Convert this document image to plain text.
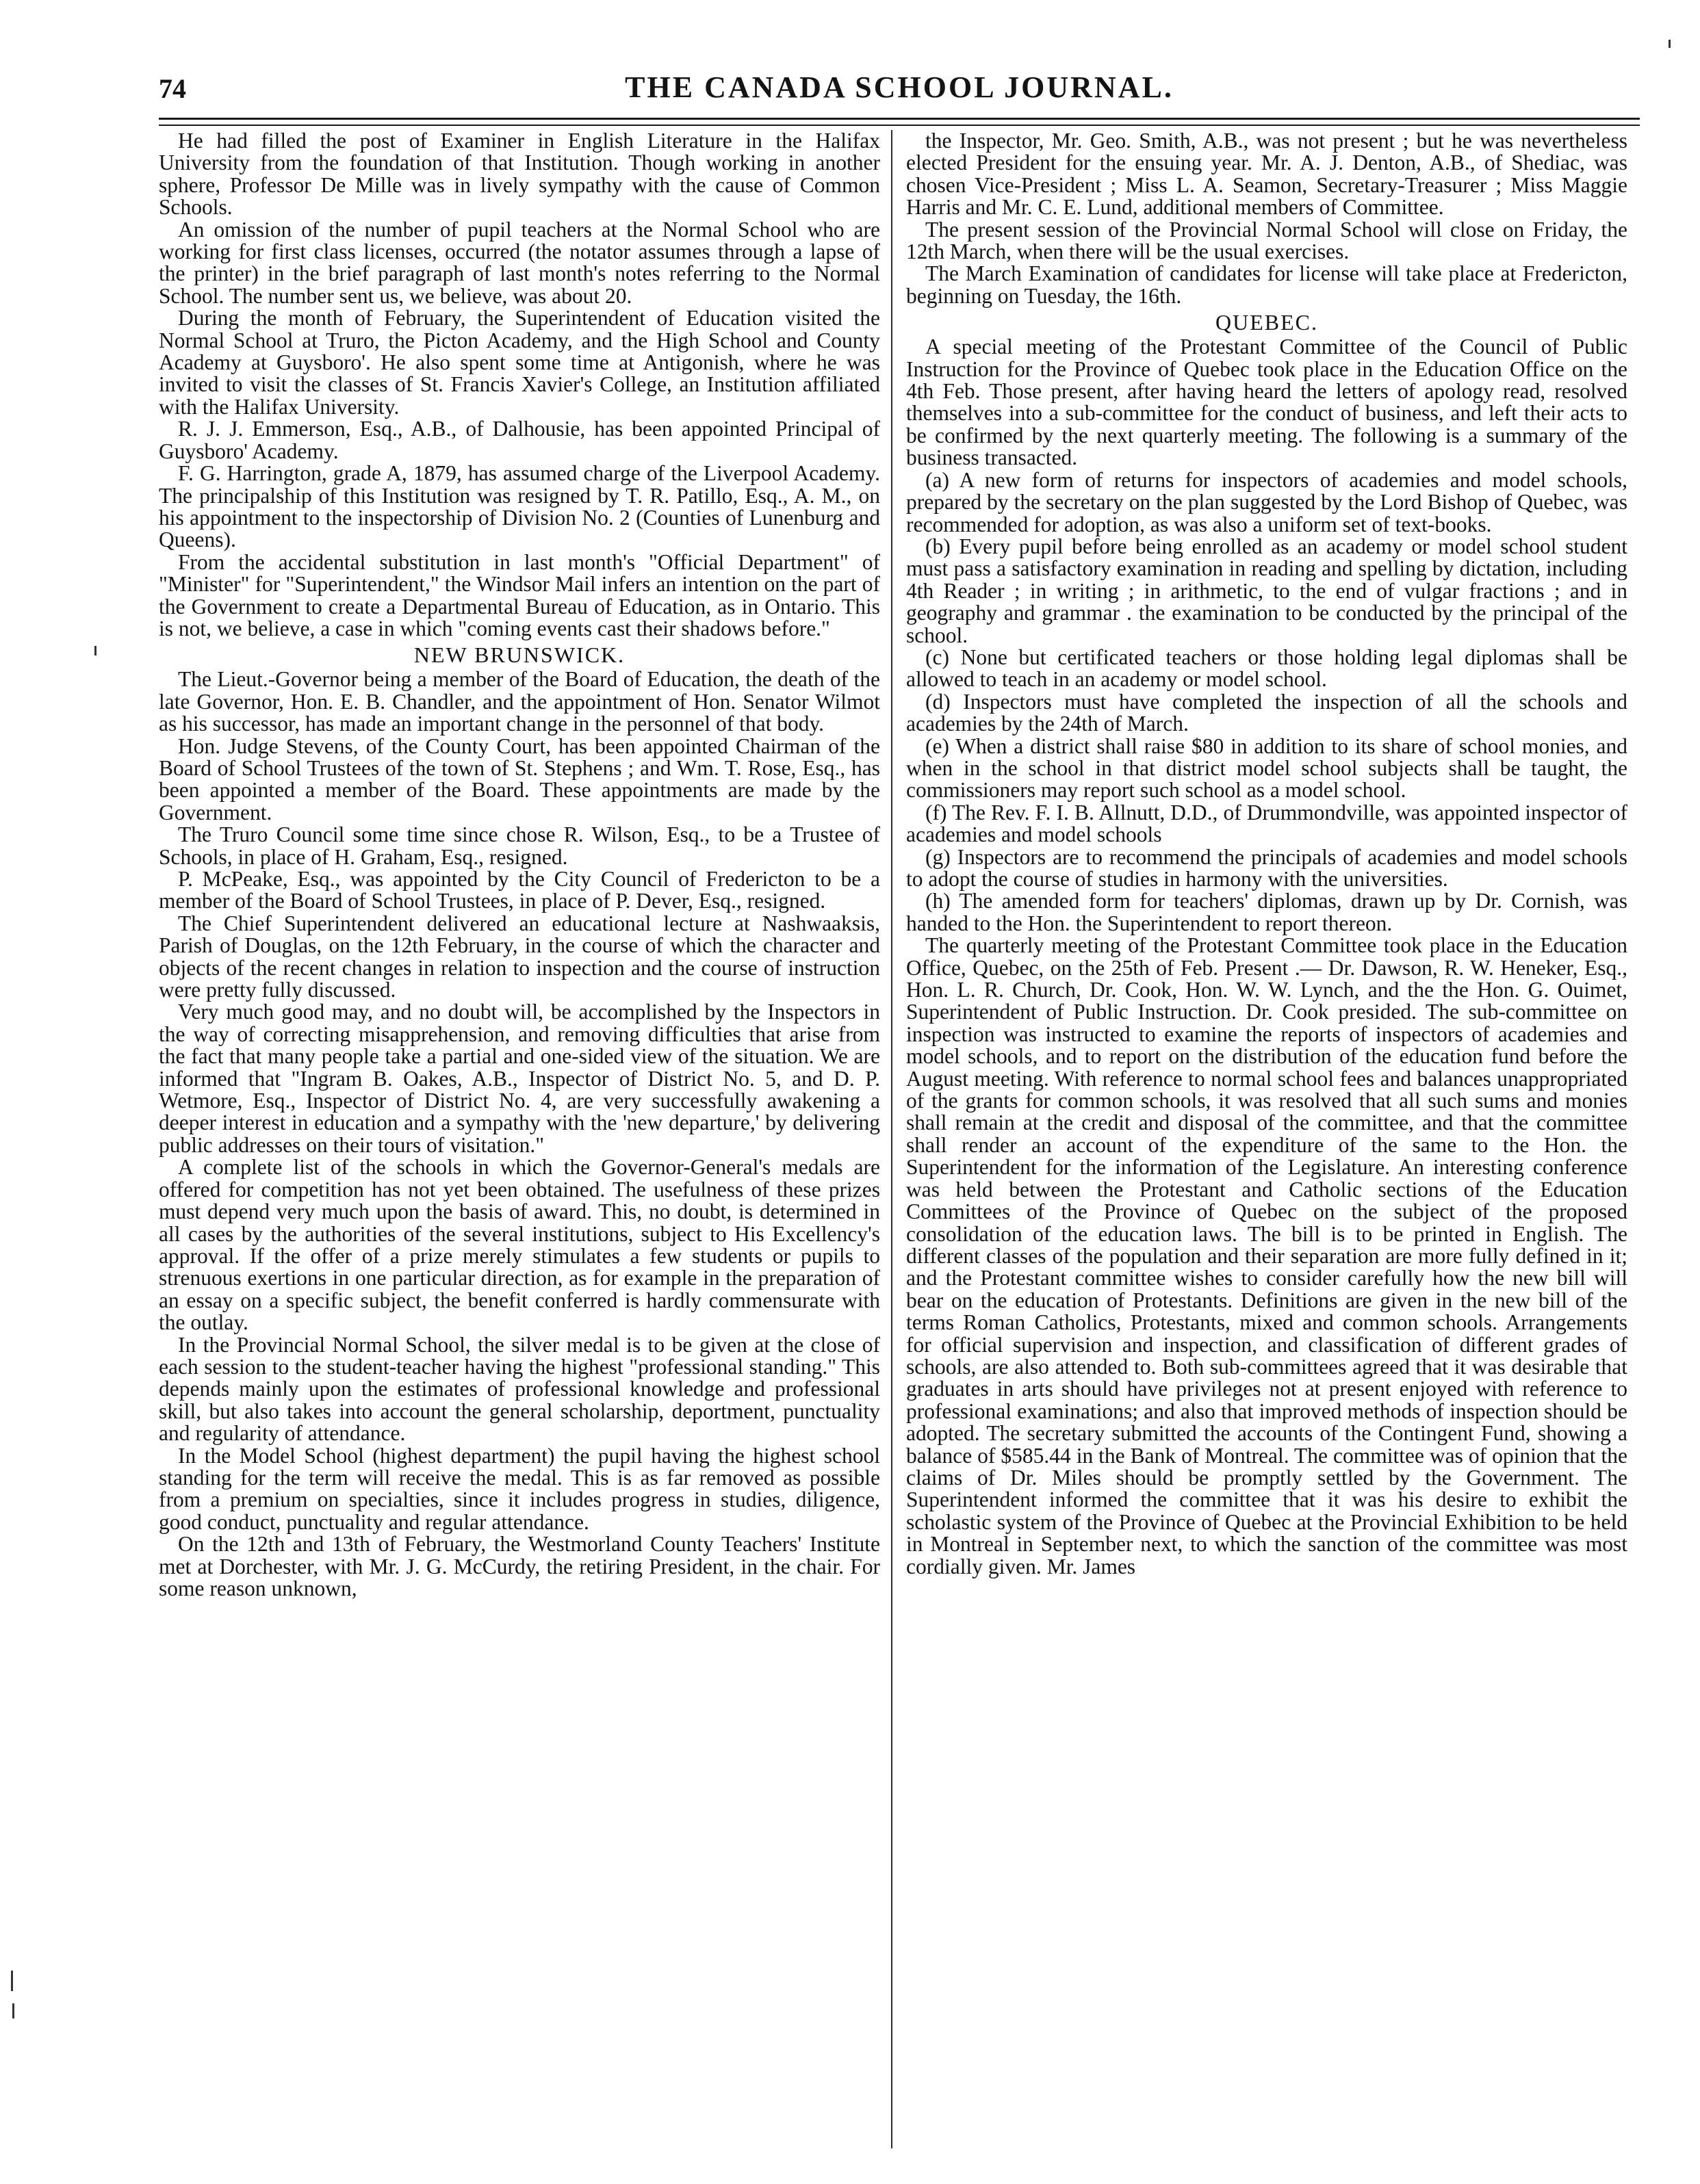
74	THE CANADA SCHOOL JOURNAL.

He had filled the post of Examiner in English Literature in the Halifax University from the foundation of that Institution. Though working in another sphere, Professor De Mille was in lively sympathy with the cause of Common Schools.

An omission of the number of pupil teachers at the Normal School who are working for first class licenses, occurred (the notator assumes through a lapse of the printer) in the brief paragraph of last month's notes referring to the Normal School. The number sent us, we believe, was about 20.

During the month of February, the Superintendent of Education visited the Normal School at Truro, the Picton Academy, and the High School and County Academy at Guysboro'. He also spent some time at Antigonish, where he was invited to visit the classes of St. Francis Xavier's College, an Institution affiliated with the Halifax University.

R. J. J. Emmerson, Esq., A.B., of Dalhousie, has been appointed Principal of Guysboro' Academy.

F. G. Harrington, grade A, 1879, has assumed charge of the Liverpool Academy. The principalship of this Institution was resigned by T. R. Patillo, Esq., A. M., on his appointment to the inspectorship of Division No. 2 (Counties of Lunenburg and Queens).

From the accidental substitution in last month's "Official Department" of "Minister" for "Superintendent," the Windsor Mail infers an intention on the part of the Government to create a Departmental Bureau of Education, as in Ontario. This is not, we believe, a case in which "coming events cast their shadows before."

NEW BRUNSWICK.

The Lieut.-Governor being a member of the Board of Education, the death of the late Governor, Hon. E. B. Chandler, and the appointment of Hon. Senator Wilmot as his successor, has made an important change in the personnel of that body.

Hon. Judge Stevens, of the County Court, has been appointed Chairman of the Board of School Trustees of the town of St. Stephens ; and Wm. T. Rose, Esq., has been appointed a member of the Board. These appointments are made by the Government.

The Truro Council some time since chose R. Wilson, Esq., to be a Trustee of Schools, in place of H. Graham, Esq., resigned.

P. McPeake, Esq., was appointed by the City Council of Fredericton to be a member of the Board of School Trustees, in place of P. Dever, Esq., resigned.

The Chief Superintendent delivered an educational lecture at Nashwaaksis, Parish of Douglas, on the 12th February, in the course of which the character and objects of the recent changes in relation to inspection and the course of instruction were pretty fully discussed.

Very much good may, and no doubt will, be accomplished by the Inspectors in the way of correcting misapprehension, and removing difficulties that arise from the fact that many people take a partial and one-sided view of the situation. We are informed that "Ingram B. Oakes, A.B., Inspector of District No. 5, and D. P. Wetmore, Esq., Inspector of District No. 4, are very successfully awakening a deeper interest in education and a sympathy with the 'new departure,' by delivering public addresses on their tours of visitation."

A complete list of the schools in which the Governor-General's medals are offered for competition has not yet been obtained. The usefulness of these prizes must depend very much upon the basis of award. This, no doubt, is determined in all cases by the authorities of the several institutions, subject to His Excellency's approval. If the offer of a prize merely stimulates a few students or pupils to strenuous exertions in one particular direction, as for example in the preparation of an essay on a specific subject, the benefit conferred is hardly commensurate with the outlay.

In the Provincial Normal School, the silver medal is to be given at the close of each session to the student-teacher having the highest "professional standing." This depends mainly upon the estimates of professional knowledge and professional skill, but also takes into account the general scholarship, deportment, punctuality and regularity of attendance.

In the Model School (highest department) the pupil having the highest school standing for the term will receive the medal. This is as far removed as possible from a premium on specialties, since it includes progress in studies, diligence, good conduct, punctuality and regular attendance.

On the 12th and 13th of February, the Westmorland County Teachers' Institute met at Dorchester, with Mr. J. G. McCurdy, the retiring President, in the chair. For some reason unknown,

the Inspector, Mr. Geo. Smith, A.B., was not present ; but he was nevertheless elected President for the ensuing year. Mr. A. J. Denton, A.B., of Shediac, was chosen Vice-President ; Miss L. A. Seamon, Secretary-Treasurer ; Miss Maggie Harris and Mr. C. E. Lund, additional members of Committee.

The present session of the Provincial Normal School will close on Friday, the 12th March, when there will be the usual exercises.

The March Examination of candidates for license will take place at Fredericton, beginning on Tuesday, the 16th.

QUEBEC.

A special meeting of the Protestant Committee of the Council of Public Instruction for the Province of Quebec took place in the Education Office on the 4th Feb. Those present, after having heard the letters of apology read, resolved themselves into a sub-committee for the conduct of business, and left their acts to be confirmed by the next quarterly meeting. The following is a summary of the business transacted.

(a) A new form of returns for inspectors of academies and model schools, prepared by the secretary on the plan suggested by the Lord Bishop of Quebec, was recommended for adoption, as was also a uniform set of text-books.

(b) Every pupil before being enrolled as an academy or model school student must pass a satisfactory examination in reading and spelling by dictation, including 4th Reader ; in writing ; in arithmetic, to the end of vulgar fractions ; and in geography and grammar . the examination to be conducted by the principal of the school.

(c) None but certificated teachers or those holding legal diplomas shall be allowed to teach in an academy or model school.

(d) Inspectors must have completed the inspection of all the schools and academies by the 24th of March.

(e) When a district shall raise $80 in addition to its share of school monies, and when in the school in that district model school subjects shall be taught, the commissioners may report such school as a model school.

(f) The Rev. F. I. B. Allnutt, D.D., of Drummondville, was appointed inspector of academies and model schools

(g) Inspectors are to recommend the principals of academies and model schools to adopt the course of studies in harmony with the universities.

(h) The amended form for teachers' diplomas, drawn up by Dr. Cornish, was handed to the Hon. the Superintendent to report thereon.

The quarterly meeting of the Protestant Committee took place in the Education Office, Quebec, on the 25th of Feb. Present .— Dr. Dawson, R. W. Heneker, Esq., Hon. L. R. Church, Dr. Cook, Hon. W. W. Lynch, and the the Hon. G. Ouimet, Superintendent of Public Instruction. Dr. Cook presided. The sub-committee on inspection was instructed to examine the reports of inspectors of academies and model schools, and to report on the distribution of the education fund before the August meeting. With reference to normal school fees and balances unappropriated of the grants for common schools, it was resolved that all such sums and monies shall remain at the credit and disposal of the committee, and that the committee shall render an account of the expenditure of the same to the Hon. the Superintendent for the information of the Legislature. An interesting conference was held between the Protestant and Catholic sections of the Education Committees of the Province of Quebec on the subject of the proposed consolidation of the education laws. The bill is to be printed in English. The different classes of the population and their separation are more fully defined in it; and the Protestant committee wishes to consider carefully how the new bill will bear on the education of Protestants. Definitions are given in the new bill of the terms Roman Catholics, Protestants, mixed and common schools. Arrangements for official supervision and inspection, and classification of different grades of schools, are also attended to. Both sub-committees agreed that it was desirable that graduates in arts should have privileges not at present enjoyed with reference to professional examinations; and also that improved methods of inspection should be adopted. The secretary submitted the accounts of the Contingent Fund, showing a balance of $585.44 in the Bank of Montreal. The committee was of opinion that the claims of Dr. Miles should be promptly settled by the Government. The Superintendent informed the committee that it was his desire to exhibit the scholastic system of the Province of Quebec at the Provincial Exhibition to be held in Montreal in September next, to which the sanction of the committee was most cordially given. Mr. James
